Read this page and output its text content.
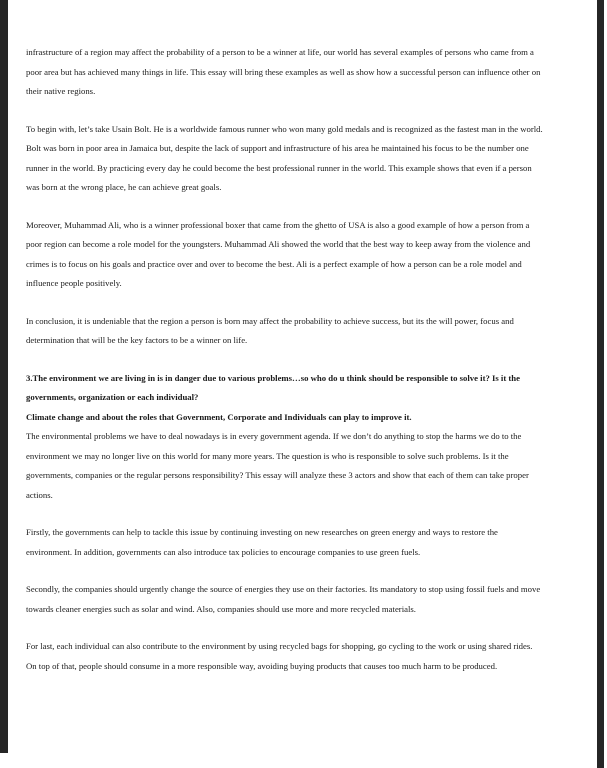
infrastructure of a region may affect the probability of a person to be a winner at life, our world has several examples of persons who came from a poor area but has achieved many things in life. This essay will bring these examples as well as show how a successful person can influence other on their native regions.

To begin with, let’s take Usain Bolt. He is a worldwide famous runner who won many gold medals and is recognized as the fastest man in the world. Bolt was born in poor area in Jamaica but, despite the lack of support and infrastructure of his area he maintained his focus to be the number one runner in the world. By practicing every day he could become the best professional runner in the world. This example shows that even if a person was born at the wrong place, he can achieve great goals.

Moreover, Muhammad Ali, who is a winner professional boxer that came from the ghetto of USA is also a good example of how a person from a poor region can become a role model for the youngsters. Muhammad Ali showed the world that the best way to keep away from the violence and crimes is to focus on his goals and practice over and over to become the best. Ali is a perfect example of how a person can be a role model and influence people positively.

In conclusion, it is undeniable that the region a person is born may affect the probability to achieve success, but its the will power, focus and determination that will be the key factors to be a winner on life.

3.The environment we are living in is in danger due to various problems…so who do u think should be responsible to solve it? Is it the governments, organization or each individual?

Climate change and about the roles that Government, Corporate and Individuals can play to improve it.

The environmental problems we have to deal nowadays is in every government agenda. If we don’t do anything to stop the harms we do to the environment we may no longer live on this world for many more years. The question is who is responsible to solve such problems. Is it the governments, companies or the regular persons responsibility? This essay will analyze these 3 actors and show that each of them can take proper actions.

Firstly, the governments can help to tackle this issue by continuing investing on new researches on green energy and ways to restore the environment. In addition, governments can also introduce tax policies to encourage companies to use green fuels.

Secondly, the companies should urgently change the source of energies they use on their factories. Its mandatory to stop using fossil fuels and move towards cleaner energies such as solar and wind. Also, companies should use more and more recycled materials.

For last, each individual can also contribute to the environment by using recycled bags for shopping, go cycling to the work or using shared rides. On top of that, people should consume in a more responsible way, avoiding buying products that causes too much harm to be produced.
